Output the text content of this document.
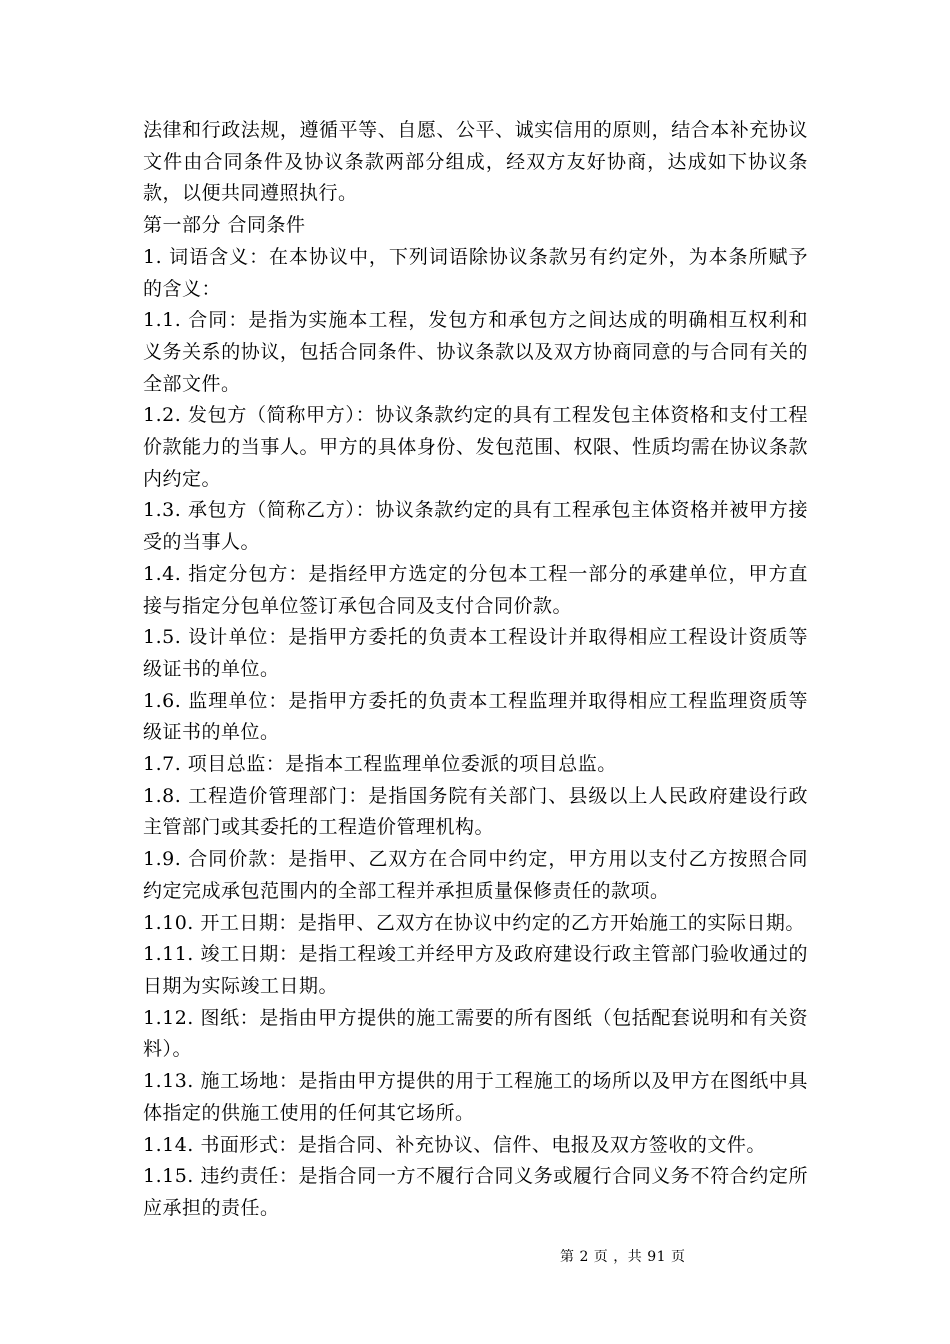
法律和行政法规，遵循平等、自愿、公平、诚实信用的原则，结合本补充协议文件由合同条件及协议条款两部分组成，经双方友好协商，达成如下协议条款，以便共同遵照执行。

第一部分 合同条件

1. 词语含义：在本协议中，下列词语除协议条款另有约定外，为本条所赋予的含义：

1.1. 合同：是指为实施本工程，发包方和承包方之间达成的明确相互权利和义务关系的协议，包括合同条件、协议条款以及双方协商同意的与合同有关的全部文件。

1.2. 发包方（简称甲方）：协议条款约定的具有工程发包主体资格和支付工程价款能力的当事人。甲方的具体身份、发包范围、权限、性质均需在协议条款内约定。

1.3. 承包方（简称乙方）：协议条款约定的具有工程承包主体资格并被甲方接受的当事人。

1.4. 指定分包方：是指经甲方选定的分包本工程一部分的承建单位，甲方直接与指定分包单位签订承包合同及支付合同价款。

1.5. 设计单位：是指甲方委托的负责本工程设计并取得相应工程设计资质等级证书的单位。

1.6. 监理单位：是指甲方委托的负责本工程监理并取得相应工程监理资质等级证书的单位。

1.7. 项目总监：是指本工程监理单位委派的项目总监。

1.8. 工程造价管理部门：是指国务院有关部门、县级以上人民政府建设行政主管部门或其委托的工程造价管理机构。

1.9. 合同价款：是指甲、乙双方在合同中约定，甲方用以支付乙方按照合同约定完成承包范围内的全部工程并承担质量保修责任的款项。

1.10. 开工日期：是指甲、乙双方在协议中约定的乙方开始施工的实际日期。

1.11. 竣工日期：是指工程竣工并经甲方及政府建设行政主管部门验收通过的日期为实际竣工日期。

1.12. 图纸：是指由甲方提供的施工需要的所有图纸（包括配套说明和有关资料）。

1.13. 施工场地：是指由甲方提供的用于工程施工的场所以及甲方在图纸中具体指定的供施工使用的任何其它场所。

1.14. 书面形式：是指合同、补充协议、信件、电报及双方签收的文件。

1.15. 违约责任：是指合同一方不履行合同义务或履行合同义务不符合约定所应承担的责任。

第 2 页 ，共 91 页
